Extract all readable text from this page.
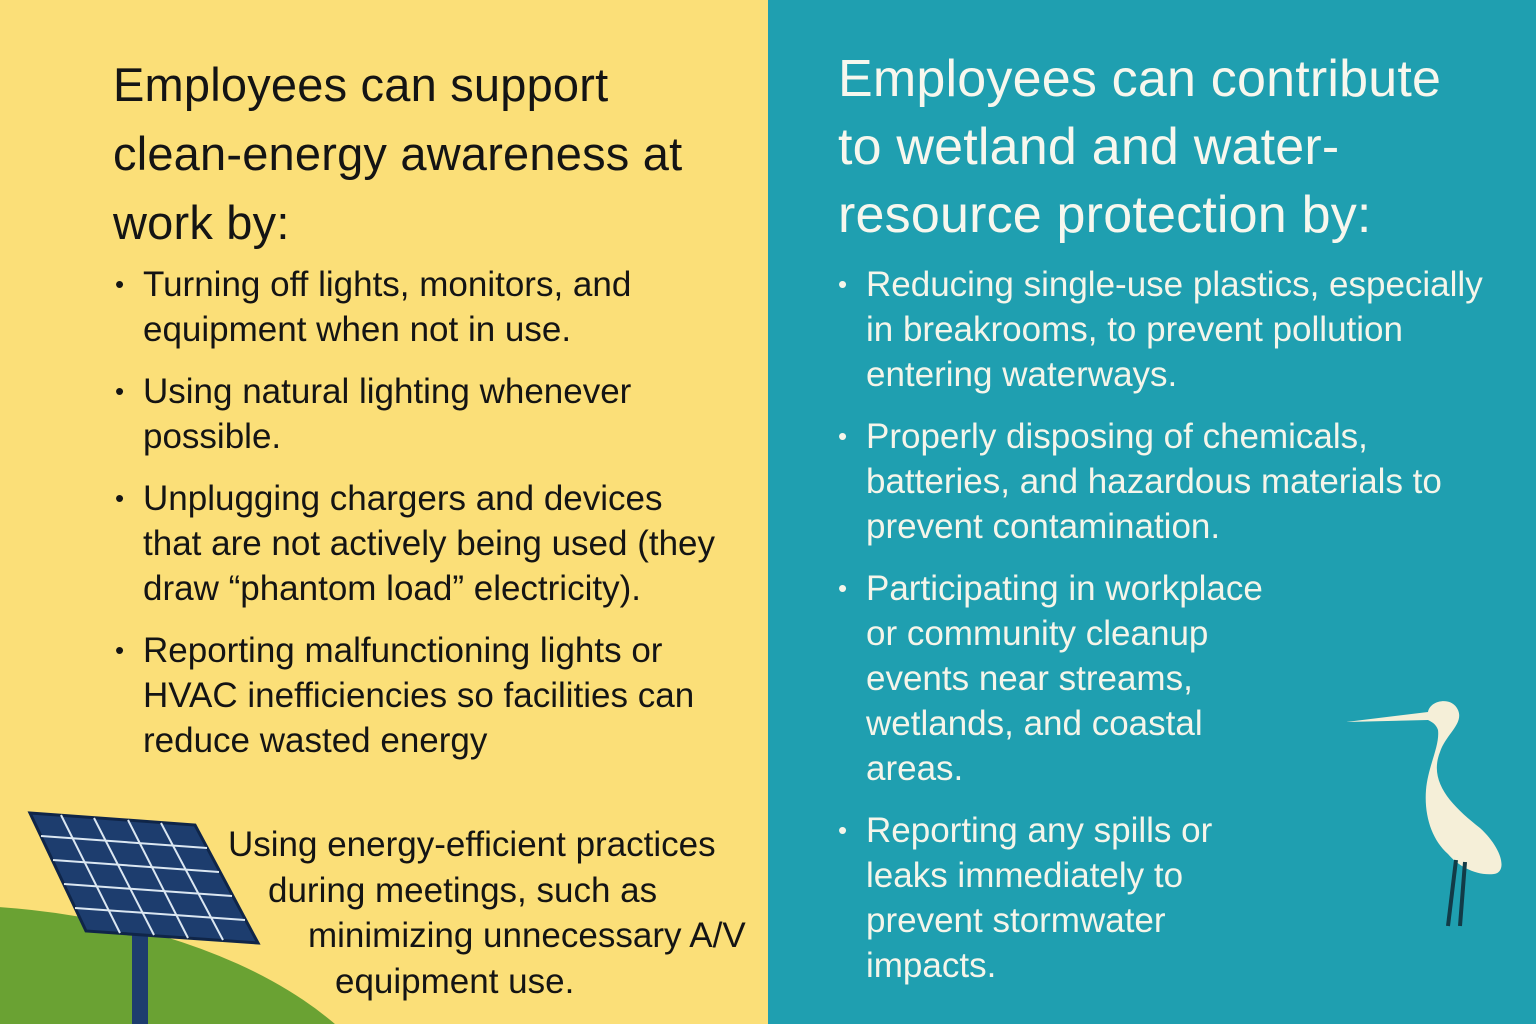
Employees can support clean-energy awareness at work by:
• Turning off lights, monitors, and equipment when not in use.
• Using natural lighting whenever possible.
• Unplugging chargers and devices that are not actively being used (they draw “phantom load” electricity).
• Reporting malfunctioning lights or HVAC inefficiencies so facilities can reduce wasted energy

Using energy-efficient practices
during meetings, such as
minimizing unnecessary A/V
equipment use.

Employees can contribute to wetland and water-resource protection by:
• Reducing single-use plastics, especially in breakrooms, to prevent pollution entering waterways.
• Properly disposing of chemicals, batteries, and hazardous materials to prevent contamination.
• Participating in workplace or community cleanup events near streams, wetlands, and coastal areas.
• Reporting any spills or leaks immediately to prevent stormwater impacts.
